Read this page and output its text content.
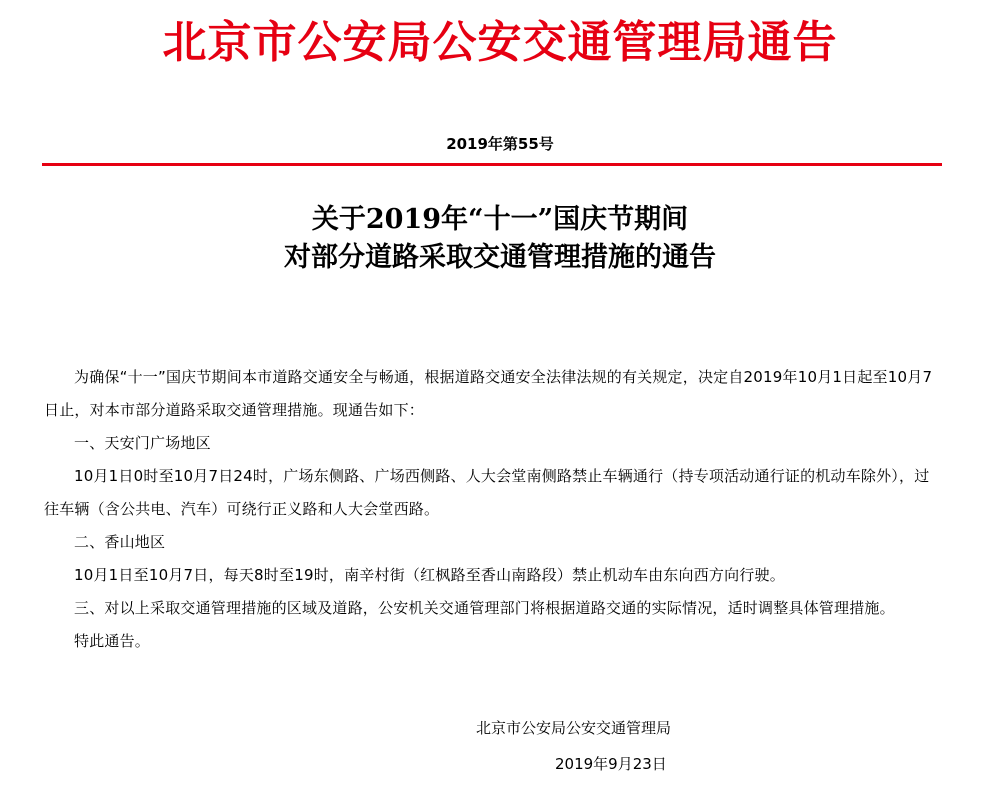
北京市公安局公安交通管理局通告
2019年第55号
关于2019年“十一”国庆节期间
对部分道路采取交通管理措施的通告

为确保“十一”国庆节期间本市道路交通安全与畅通，根据道路交通安全法律法规的有关规定，决定自2019年10月1日起至10月7日止，对本市部分道路采取交通管理措施。现通告如下：

一、天安门广场地区

10月1日0时至10月7日24时，广场东侧路、广场西侧路、人大会堂南侧路禁止车辆通行（持专项活动通行证的机动车除外），过往车辆（含公共电、汽车）可绕行正义路和人大会堂西路。

二、香山地区

10月1日至10月7日，每天8时至19时，南辛村街（红枫路至香山南路段）禁止机动车由东向西方向行驶。

三、对以上采取交通管理措施的区域及道路，公安机关交通管理部门将根据道路交通的实际情况，适时调整具体管理措施。

特此通告。

北京市公安局公安交通管理局
2019年9月23日
